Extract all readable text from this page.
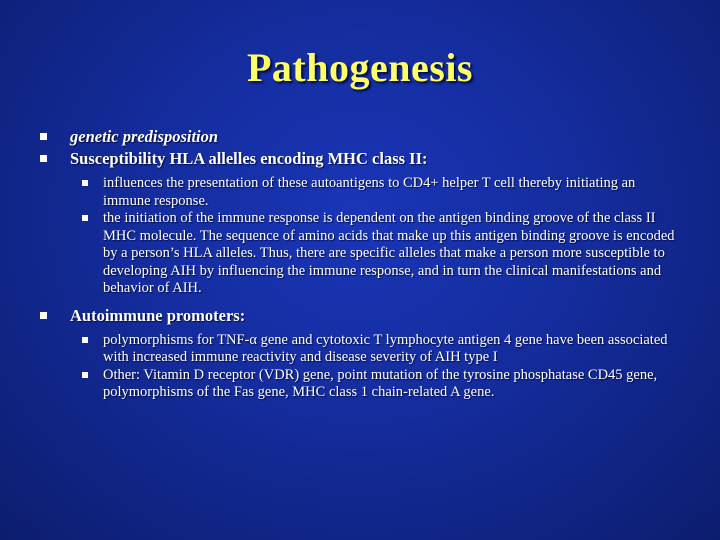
Pathogenesis
genetic predisposition
Susceptibility HLA allelles encoding MHC class II:
influences the presentation of these autoantigens to CD4+ helper T cell thereby initiating an immune response.
the initiation of the immune response is dependent on the antigen binding groove of the class II MHC molecule. The sequence of amino acids that make up this antigen binding groove is encoded by a person’s HLA alleles. Thus, there are specific alleles that make a person more susceptible to developing AIH by influencing the immune response, and in turn the clinical manifestations and behavior of AIH.
Autoimmune promoters:
polymorphisms for TNF-α gene and cytotoxic T lymphocyte antigen 4 gene have been associated with increased immune reactivity and disease severity of AIH type I
Other: Vitamin D receptor (VDR) gene, point mutation of the tyrosine phosphatase CD45 gene, polymorphisms of the Fas gene, MHC class 1 chain-related A gene.
